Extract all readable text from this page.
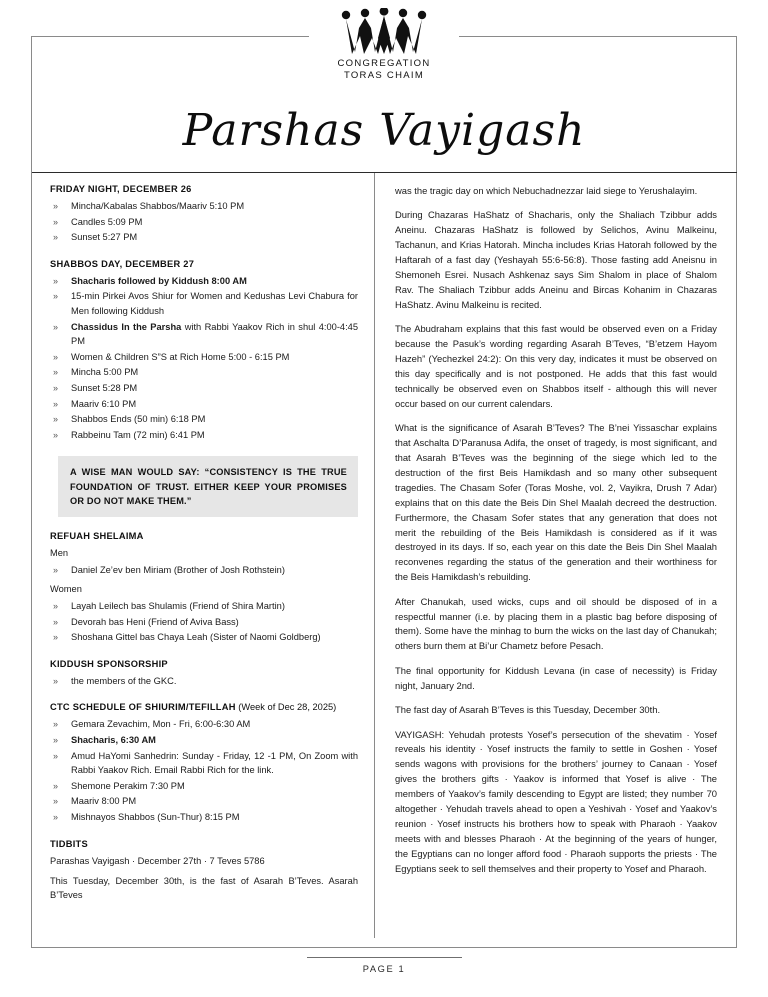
CONGREGATION
TORAS CHAIM
Parshas Vayigash
FRIDAY NIGHT, DECEMBER 26
» Mincha/Kabalas Shabbos/Maariv 5:10 PM
» Candles 5:09 PM
» Sunset 5:27 PM
SHABBOS DAY, DECEMBER 27
» Shacharis followed by Kiddush 8:00 AM
» 15-min Pirkei Avos Shiur for Women and Kedushas Levi Chabura for Men following Kiddush
» Chassidus In the Parsha with Rabbi Yaakov Rich in shul 4:00-4:45 PM
» Women & Children S”S at Rich Home 5:00 - 6:15 PM
» Mincha 5:00 PM
» Sunset 5:28 PM
» Maariv 6:10 PM
» Shabbos Ends (50 min) 6:18 PM
» Rabbeinu Tam (72 min) 6:41 PM

A WISE MAN WOULD SAY: “CONSISTENCY IS THE TRUE FOUNDATION OF TRUST. EITHER KEEP YOUR PROMISES OR DO NOT MAKE THEM.”

REFUAH SHELAIMA
Men
» Daniel Ze’ev ben Miriam (Brother of Josh Rothstein)
Women
» Layah Leilech bas Shulamis (Friend of Shira Martin)
» Devorah bas Heni (Friend of Aviva Bass)
» Shoshana Gittel bas Chaya Leah (Sister of Naomi Goldberg)
KIDDUSH SPONSORSHIP
» the members of the GKC.
CTC SCHEDULE OF SHIURIM/TEFILLAH (Week of Dec 28, 2025)
» Gemara Zevachim, Mon - Fri, 6:00-6:30 AM
» Shacharis, 6:30 AM
» Amud HaYomi Sanhedrin: Sunday - Friday, 12 -1 PM, On Zoom with Rabbi Yaakov Rich. Email Rabbi Rich for the link.
» Shemone Perakim 7:30 PM
» Maariv 8:00 PM
» Mishnayos Shabbos (Sun-Thur) 8:15 PM
TIDBITS
Parashas Vayigash · December 27th · 7 Teves 5786
This Tuesday, December 30th, is the fast of Asarah B’Teves. Asarah B’Teves

was the tragic day on which Nebuchadnezzar laid siege to Yerushalayim.

During Chazaras HaShatz of Shacharis, only the Shaliach Tzibbur adds Aneinu. Chazaras HaShatz is followed by Selichos, Avinu Malkeinu, Tachanun, and Krias Hatorah. Mincha includes Krias Hatorah followed by the Haftarah of a fast day (Yeshayah 55:6-56:8). Those fasting add Aneisnu in Shemoneh Esrei. Nusach Ashkenaz says Sim Shalom in place of Shalom Rav. The Shaliach Tzibbur adds Aneinu and Bircas Kohanim in Chazaras HaShatz. Avinu Malkeinu is recited.

The Abudraham explains that this fast would be observed even on a Friday because the Pasuk’s wording regarding Asarah B’Teves, “B’etzem Hayom Hazeh” (Yechezkel 24:2): On this very day, indicates it must be observed on this day specifically and is not postponed. He adds that this fast would technically be observed even on Shabbos itself - although this will never occur based on our current calendars.

What is the significance of Asarah B’Teves? The B’nei Yissaschar explains that Aschalta D’Paranusa Adifa, the onset of tragedy, is most significant, and that Asarah B’Teves was the beginning of the siege which led to the destruction of the first Beis Hamikdash and so many other subsequent tragedies. The Chasam Sofer (Toras Moshe, vol. 2, Vayikra, Drush 7 Adar) explains that on this date the Beis Din Shel Maalah decreed the destruction. Furthermore, the Chasam Sofer states that any generation that does not merit the rebuilding of the Beis Hamikdash is considered as if it was destroyed in its days. If so, each year on this date the Beis Din Shel Maalah reconvenes regarding the status of the generation and their worthiness for the Beis Hamikdash’s rebuilding.

After Chanukah, used wicks, cups and oil should be disposed of in a respectful manner (i.e. by placing them in a plastic bag before disposing of them). Some have the minhag to burn the wicks on the last day of Chanukah; others burn them at Bi’ur Chametz before Pesach.

The final opportunity for Kiddush Levana (in case of necessity) is Friday night, January 2nd.

The fast day of Asarah B’Teves is this Tuesday, December 30th.

VAYIGASH: Yehudah protests Yosef’s persecution of the shevatim · Yosef reveals his identity · Yosef instructs the family to settle in Goshen · Yosef sends wagons with provisions for the brothers’ journey to Canaan · Yosef gives the brothers gifts · Yaakov is informed that Yosef is alive · The members of Yaakov’s family descending to Egypt are listed; they number 70 altogether · Yehudah travels ahead to open a Yeshivah · Yosef and Yaakov’s reunion · Yosef instructs his brothers how to speak with Pharaoh · Yaakov meets with and blesses Pharaoh · At the beginning of the years of hunger, the Egyptians can no longer afford food · Pharaoh supports the priests · The Egyptians seek to sell themselves and their property to Yosef and Pharaoh.

PAGE 1
